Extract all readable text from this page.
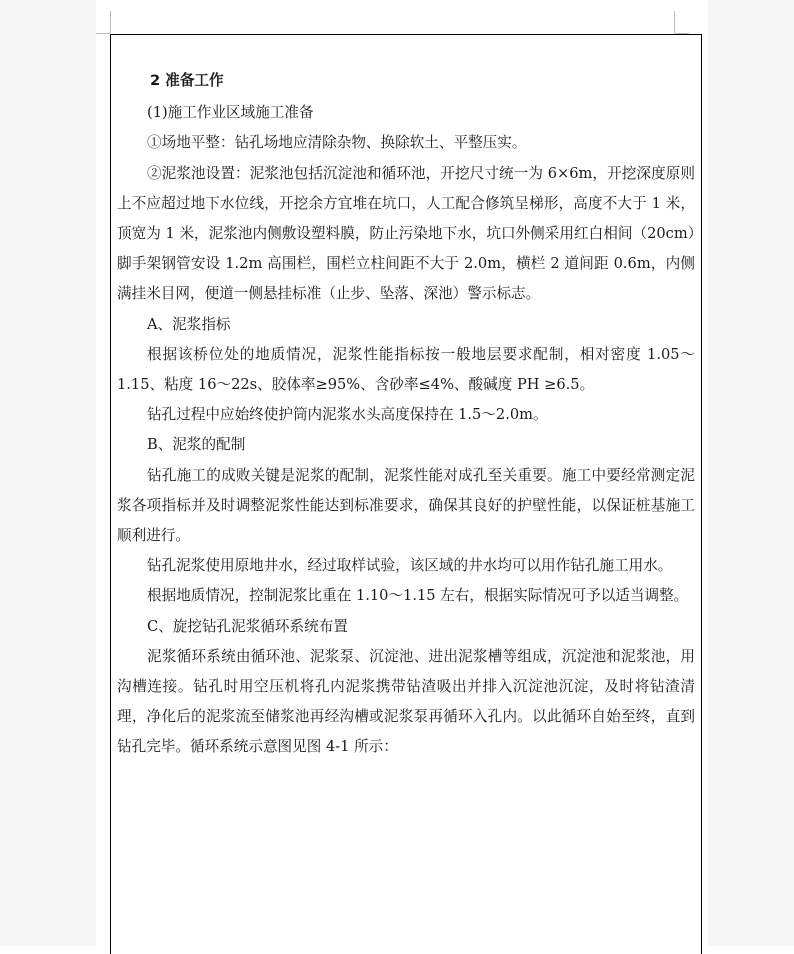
2 准备工作

(1)施工作业区域施工准备

①场地平整：钻孔场地应清除杂物、换除软土、平整压实。

②泥浆池设置：泥浆池包括沉淀池和循环池，开挖尺寸统一为 6×6m，开挖深度原则上不应超过地下水位线，开挖余方宜堆在坑口，人工配合修筑呈梯形，高度不大于 1 米，顶宽为 1 米，泥浆池内侧敷设塑料膜，防止污染地下水，坑口外侧采用红白相间（20cm）脚手架钢管安设 1.2m 高围栏，围栏立柱间距不大于 2.0m，横栏 2 道间距 0.6m，内侧满挂米目网，便道一侧悬挂标准（止步、坠落、深池）警示标志。

A、泥浆指标

根据该桥位处的地质情况，泥浆性能指标按一般地层要求配制，相对密度 1.05～1.15、粘度 16～22s、胶体率≥95%、含砂率≤4%、酸碱度 PH ≥6.5。

钻孔过程中应始终使护筒内泥浆水头高度保持在 1.5～2.0m。

B、泥浆的配制

钻孔施工的成败关键是泥浆的配制，泥浆性能对成孔至关重要。施工中要经常测定泥浆各项指标并及时调整泥浆性能达到标准要求，确保其良好的护壁性能，以保证桩基施工顺利进行。

钻孔泥浆使用原地井水，经过取样试验，该区域的井水均可以用作钻孔施工用水。

根据地质情况，控制泥浆比重在 1.10～1.15 左右，根据实际情况可予以适当调整。

C、旋挖钻孔泥浆循环系统布置

泥浆循环系统由循环池、泥浆泵、沉淀池、进出泥浆槽等组成，沉淀池和泥浆池，用沟槽连接。钻孔时用空压机将孔内泥浆携带钻渣吸出并排入沉淀池沉淀，及时将钻渣清理，净化后的泥浆流至储浆池再经沟槽或泥浆泵再循环入孔内。以此循环自始至终，直到钻孔完毕。循环系统示意图见图 4-1 所示：
